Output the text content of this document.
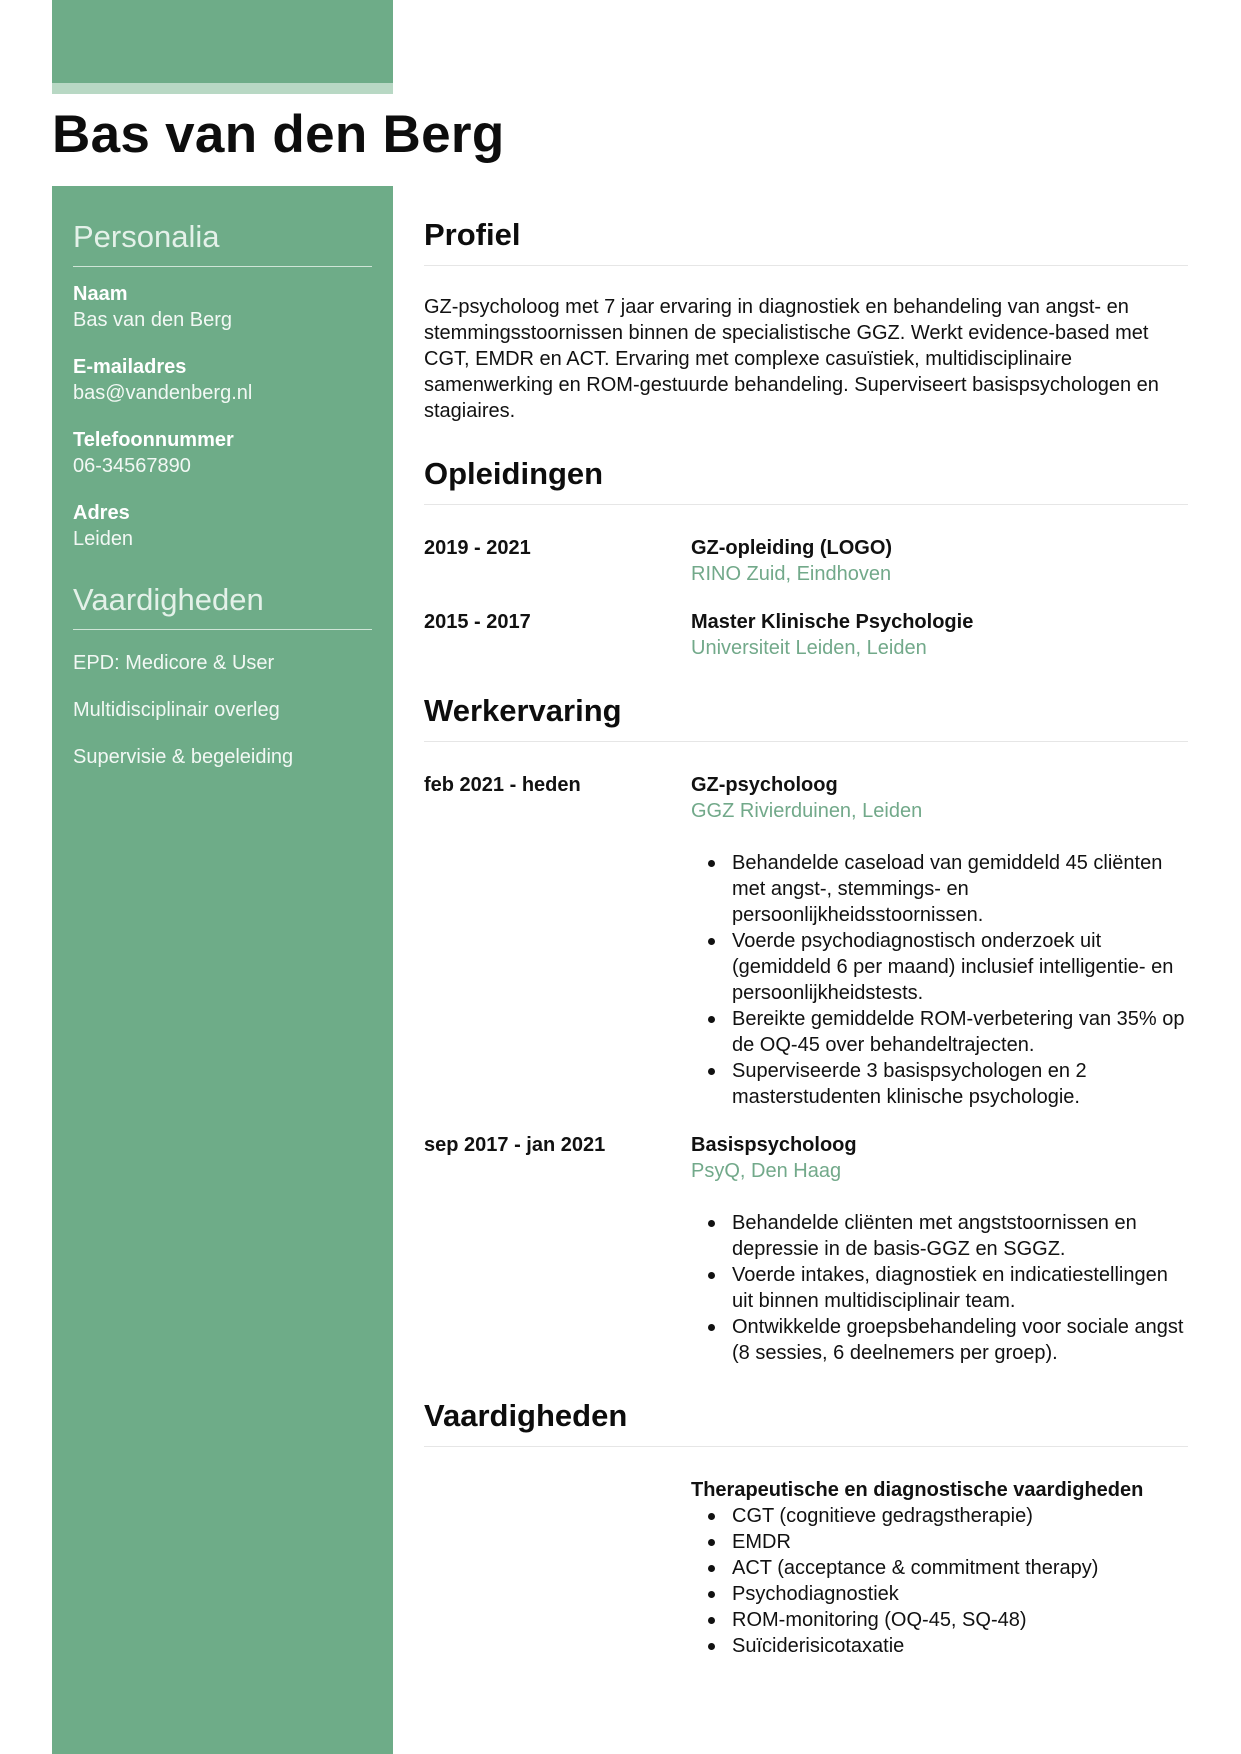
Bas van den Berg
Personalia
Naam
Bas van den Berg
E-mailadres
bas@vandenberg.nl
Telefoonnummer
06-34567890
Adres
Leiden
Vaardigheden
EPD: Medicore & User
Multidisciplinair overleg
Supervisie & begeleiding
Profiel

GZ-psycholoog met 7 jaar ervaring in diagnostiek en behandeling van angst- en stemmingsstoornissen binnen de specialistische GGZ. Werkt evidence-based met CGT, EMDR en ACT. Ervaring met complexe casuïstiek, multidisciplinaire samenwerking en ROM-gestuurde behandeling. Superviseert basispsychologen en stagiaires.

Opleidingen
2019 - 2021	GZ-opleiding (LOGO)
RINO Zuid, Eindhoven
2015 - 2017	Master Klinische Psychologie
Universiteit Leiden, Leiden
Werkervaring
feb 2021 - heden	GZ-psycholoog
GGZ Rivierduinen, Leiden
Behandelde caseload van gemiddeld 45 cliënten met angst-, stemmings- en persoonlijkheidsstoornissen.
Voerde psychodiagnostisch onderzoek uit (gemiddeld 6 per maand) inclusief intelligentie- en persoonlijkheidstests.
Bereikte gemiddelde ROM-verbetering van 35% op de OQ-45 over behandeltrajecten.
Superviseerde 3 basispsychologen en 2 masterstudenten klinische psychologie.
sep 2017 - jan 2021	Basispsycholoog
PsyQ, Den Haag
Behandelde cliënten met angststoornissen en depressie in de basis-GGZ en SGGZ.
Voerde intakes, diagnostiek en indicatiestellingen uit binnen multidisciplinair team.
Ontwikkelde groepsbehandeling voor sociale angst (8 sessies, 6 deelnemers per groep).
Vaardigheden
Therapeutische en diagnostische vaardigheden
CGT (cognitieve gedragstherapie)
EMDR
ACT (acceptance & commitment therapy)
Psychodiagnostiek
ROM-monitoring (OQ-45, SQ-48)
Suïciderisicotaxatie
